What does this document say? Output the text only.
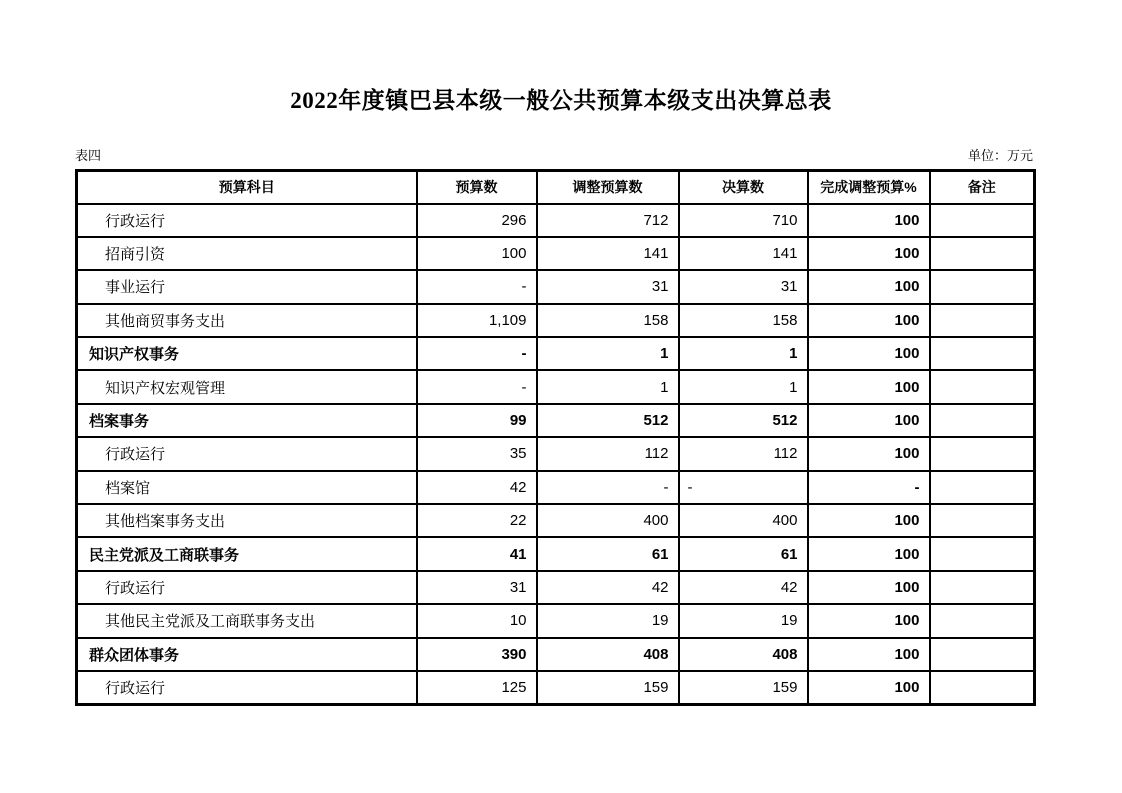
2022年度镇巴县本级一般公共预算本级支出决算总表
表四	单位：万元
预算科目	预算数	调整预算数	决算数	完成调整预算%	备注
行政运行	296	712	710	100	
招商引资	100	141	141	100	
事业运行	-	31	31	100	
其他商贸事务支出	1,109	158	158	100	
知识产权事务	-	1	1	100	
知识产权宏观管理	-	1	1	100	
档案事务	99	512	512	100	
行政运行	35	112	112	100	
档案馆	42	-	-	-	
其他档案事务支出	22	400	400	100	
民主党派及工商联事务	41	61	61	100	
行政运行	31	42	42	100	
其他民主党派及工商联事务支出	10	19	19	100	
群众团体事务	390	408	408	100	
行政运行	125	159	159	100	
